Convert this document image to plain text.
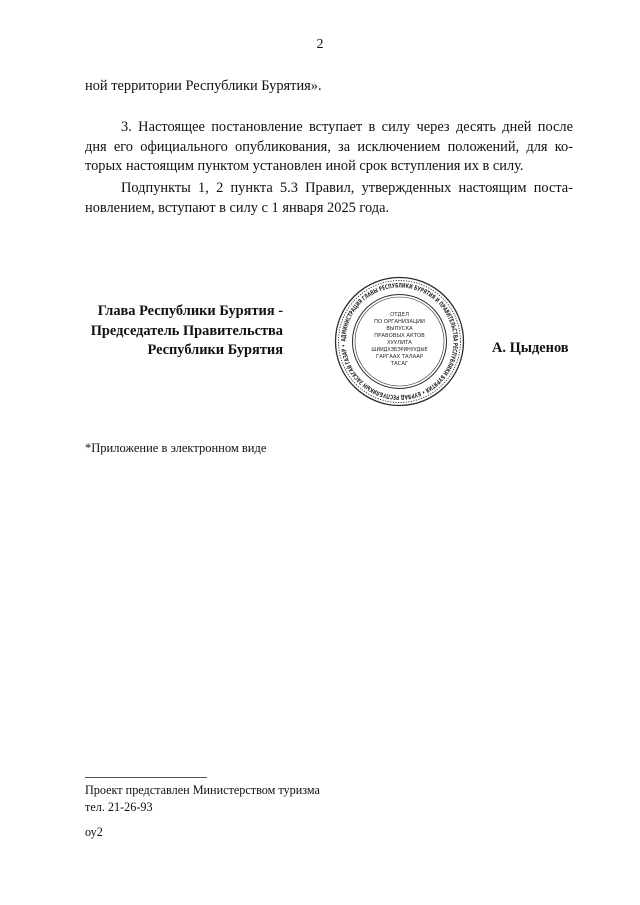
2
ной территории Республики Бурятия».
3. Настоящее постановление вступает в силу через десять дней после
дня его официального опубликования, за исключением положений, для ко-
торых настоящим пунктом установлен иной срок вступления их в силу.
Подпункты 1, 2 пункта 5.3 Правил, утвержденных настоящим поста-
новлением, вступают в силу с 1 января 2025 года.
Глава Республики Бурятия -
Председатель Правительства
Республики Бурятия
АДМИНИСТРАЦИЯ ГЛАВЫ РЕСПУБЛИКИ БУРЯТИЯ И ПРАВИТЕЛЬСТВА РЕСПУБЛИКИ БУРЯТИЯ • БУРЯАД РЕСПУБЛИКЫН ЗАСАГАЙ ГАЗАР •
ОТДЕЛ
ПО ОРГАНИЗАЦИИ
ВЫПУСКА
ПРАВОВЫХ АКТОВ
ХУУЛИТА
ШИИДХЭБЭРИНУУДЫЕ
ГАРГААХ ТАЛААР
ТАСАГ
А. Цыденов
*Приложение в электронном виде
Проект представлен Министерством туризма
тел. 21-26-93
оу2
